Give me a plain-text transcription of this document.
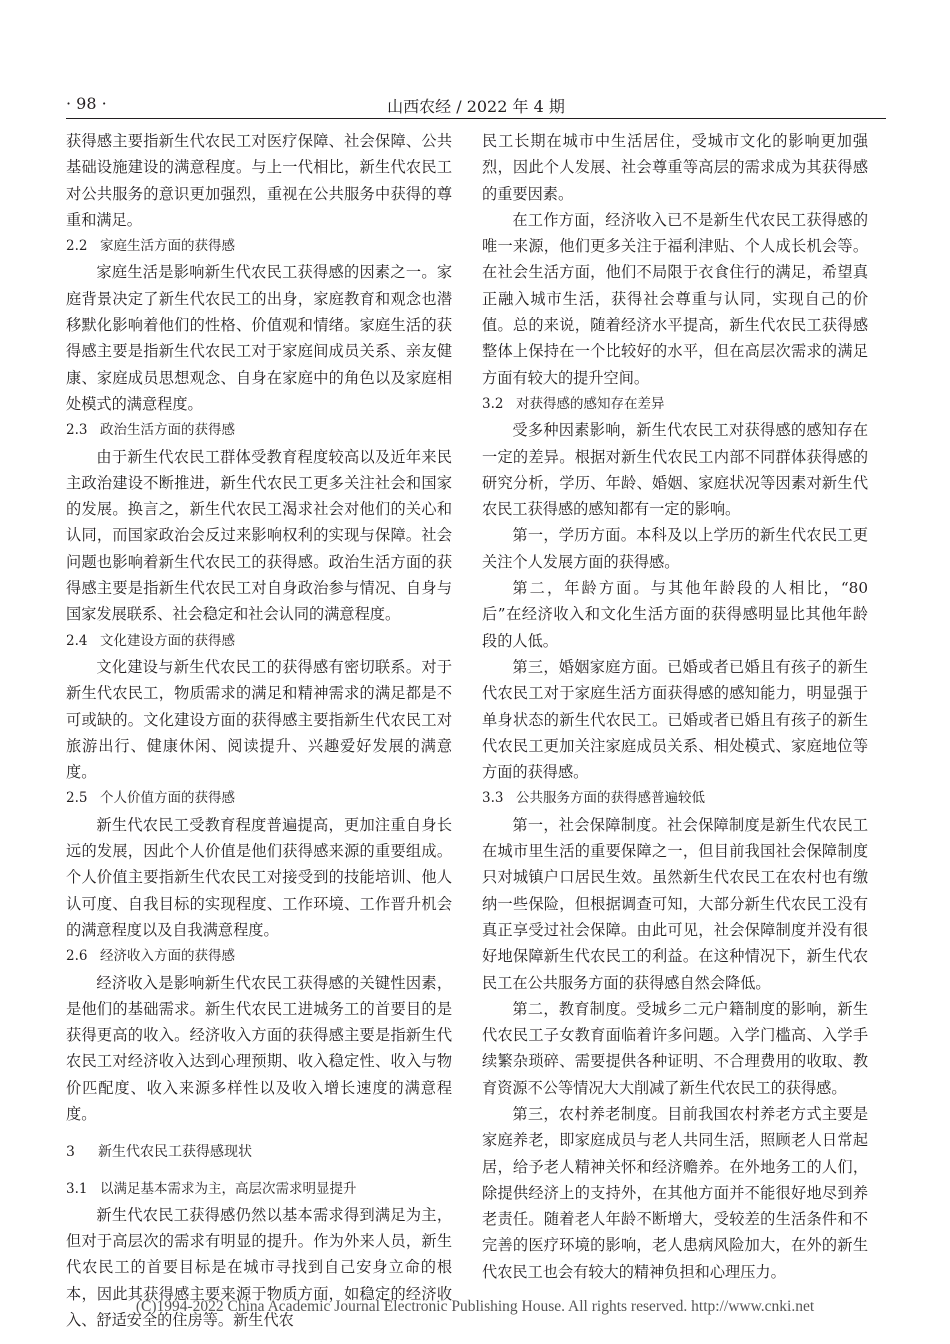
· 98 ·	山西农经 / 2022 年 4 期

获得感主要指新生代农民工对医疗保障、社会保障、公共基础设施建设的满意程度。与上一代相比，新生代农民工对公共服务的意识更加强烈，重视在公共服务中获得的尊重和满足。

2.2 家庭生活方面的获得感

家庭生活是影响新生代农民工获得感的因素之一。家庭背景决定了新生代农民工的出身，家庭教育和观念也潜移默化影响着他们的性格、价值观和情绪。家庭生活的获得感主要是指新生代农民工对于家庭间成员关系、亲友健康、家庭成员思想观念、自身在家庭中的角色以及家庭相处模式的满意程度。

2.3 政治生活方面的获得感

由于新生代农民工群体受教育程度较高以及近年来民主政治建设不断推进，新生代农民工更多关注社会和国家的发展。换言之，新生代农民工渴求社会对他们的关心和认同，而国家政治会反过来影响权利的实现与保障。社会问题也影响着新生代农民工的获得感。政治生活方面的获得感主要是指新生代农民工对自身政治参与情况、自身与国家发展联系、社会稳定和社会认同的满意程度。

2.4 文化建设方面的获得感

文化建设与新生代农民工的获得感有密切联系。对于新生代农民工，物质需求的满足和精神需求的满足都是不可或缺的。文化建设方面的获得感主要指新生代农民工对旅游出行、健康休闲、阅读提升、兴趣爱好发展的满意度。

2.5 个人价值方面的获得感

新生代农民工受教育程度普遍提高，更加注重自身长远的发展，因此个人价值是他们获得感来源的重要组成。个人价值主要指新生代农民工对接受到的技能培训、他人认可度、自我目标的实现程度、工作环境、工作晋升机会的满意程度以及自我满意程度。

2.6 经济收入方面的获得感

经济收入是影响新生代农民工获得感的关键性因素，是他们的基础需求。新生代农民工进城务工的首要目的是获得更高的收入。经济收入方面的获得感主要是指新生代农民工对经济收入达到心理预期、收入稳定性、收入与物价匹配度、收入来源多样性以及收入增长速度的满意程度。

3 新生代农民工获得感现状
3.1 以满足基本需求为主，高层次需求明显提升

新生代农民工获得感仍然以基本需求得到满足为主，但对于高层次的需求有明显的提升。作为外来人员，新生代农民工的首要目标是在城市寻找到自己安身立命的根本，因此其获得感主要来源于物质方面，如稳定的经济收入、舒适安全的住房等。新生代农

民工长期在城市中生活居住，受城市文化的影响更加强烈，因此个人发展、社会尊重等高层的需求成为其获得感的重要因素。

在工作方面，经济收入已不是新生代农民工获得感的唯一来源，他们更多关注于福利津贴、个人成长机会等。在社会生活方面，他们不局限于衣食住行的满足，希望真正融入城市生活，获得社会尊重与认同，实现自己的价值。总的来说，随着经济水平提高，新生代农民工获得感整体上保持在一个比较好的水平，但在高层次需求的满足方面有较大的提升空间。

3.2 对获得感的感知存在差异

受多种因素影响，新生代农民工对获得感的感知存在一定的差异。根据对新生代农民工内部不同群体获得感的研究分析，学历、年龄、婚姻、家庭状况等因素对新生代农民工获得感的感知都有一定的影响。

第一，学历方面。本科及以上学历的新生代农民工更关注个人发展方面的获得感。

第二，年龄方面。与其他年龄段的人相比，“80 后”在经济收入和文化生活方面的获得感明显比其他年龄段的人低。

第三，婚姻家庭方面。已婚或者已婚且有孩子的新生代农民工对于家庭生活方面获得感的感知能力，明显强于单身状态的新生代农民工。已婚或者已婚且有孩子的新生代农民工更加关注家庭成员关系、相处模式、家庭地位等方面的获得感。

3.3 公共服务方面的获得感普遍较低

第一，社会保障制度。社会保障制度是新生代农民工在城市里生活的重要保障之一，但目前我国社会保障制度只对城镇户口居民生效。虽然新生代农民工在农村也有缴纳一些保险，但根据调查可知，大部分新生代农民工没有真正享受过社会保障。由此可见，社会保障制度并没有很好地保障新生代农民工的利益。在这种情况下，新生代农民工在公共服务方面的获得感自然会降低。

第二，教育制度。受城乡二元户籍制度的影响，新生代农民工子女教育面临着许多问题。入学门槛高、入学手续繁杂琐碎、需要提供各种证明、不合理费用的收取、教育资源不公等情况大大削减了新生代农民工的获得感。

第三，农村养老制度。目前我国农村养老方式主要是家庭养老，即家庭成员与老人共同生活，照顾老人日常起居，给予老人精神关怀和经济赡养。在外地务工的人们，除提供经济上的支持外，在其他方面并不能很好地尽到养老责任。随着老人年龄不断增大，受较差的生活条件和不完善的医疗环境的影响，老人患病风险加大，在外的新生代农民工也会有较大的精神负担和心理压力。

(C)1994-2022 China Academic Journal Electronic Publishing House. All rights reserved. http://www.cnki.net
